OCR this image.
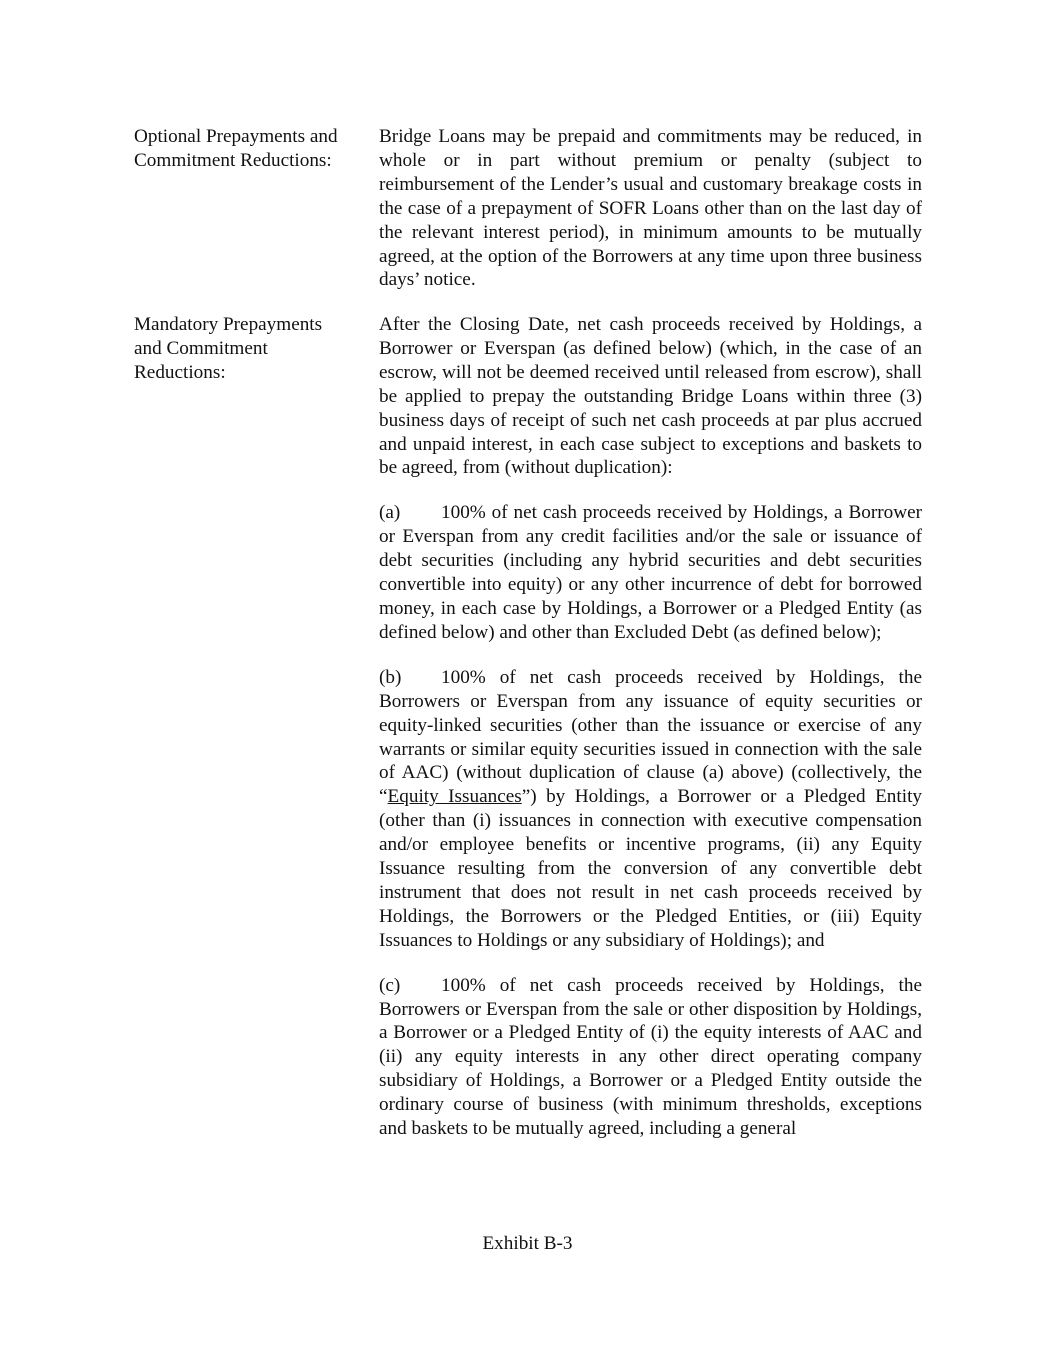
Optional Prepayments and
Commitment Reductions:

Bridge Loans may be prepaid and commitments may be reduced, in whole or in part without premium or penalty (subject to reimbursement of the Lender’s usual and customary breakage costs in the case of a prepayment of SOFR Loans other than on the last day of the relevant interest period), in minimum amounts to be mutually agreed, at the option of the Borrowers at any time upon three business days’ notice.

Mandatory Prepayments
and Commitment
Reductions:

After the Closing Date, net cash proceeds received by Holdings, a Borrower or Everspan (as defined below) (which, in the case of an escrow, will not be deemed received until released from escrow), shall be applied to prepay the outstanding Bridge Loans within three (3) business days of receipt of such net cash proceeds at par plus accrued and unpaid interest, in each case subject to exceptions and baskets to be agreed, from (without duplication):

(a) 100% of net cash proceeds received by Holdings, a Borrower or Everspan from any credit facilities and/or the sale or issuance of debt securities (including any hybrid securities and debt securities convertible into equity) or any other incurrence of debt for borrowed money, in each case by Holdings, a Borrower or a Pledged Entity (as defined below) and other than Excluded Debt (as defined below);

(b) 100% of net cash proceeds received by Holdings, the Borrowers or Everspan from any issuance of equity securities or equity-linked securities (other than the issuance or exercise of any warrants or similar equity securities issued in connection with the sale of AAC) (without duplication of clause (a) above) (collectively, the “Equity Issuances”) by Holdings, a Borrower or a Pledged Entity (other than (i) issuances in connection with executive compensation and/or employee benefits or incentive programs, (ii) any Equity Issuance resulting from the conversion of any convertible debt instrument that does not result in net cash proceeds received by Holdings, the Borrowers or the Pledged Entities, or (iii) Equity Issuances to Holdings or any subsidiary of Holdings); and

(c) 100% of net cash proceeds received by Holdings, the Borrowers or Everspan from the sale or other disposition by Holdings, a Borrower or a Pledged Entity of (i) the equity interests of AAC and (ii) any equity interests in any other direct operating company subsidiary of Holdings, a Borrower or a Pledged Entity outside the ordinary course of business (with minimum thresholds, exceptions and baskets to be mutually agreed, including a general

Exhibit B-3
